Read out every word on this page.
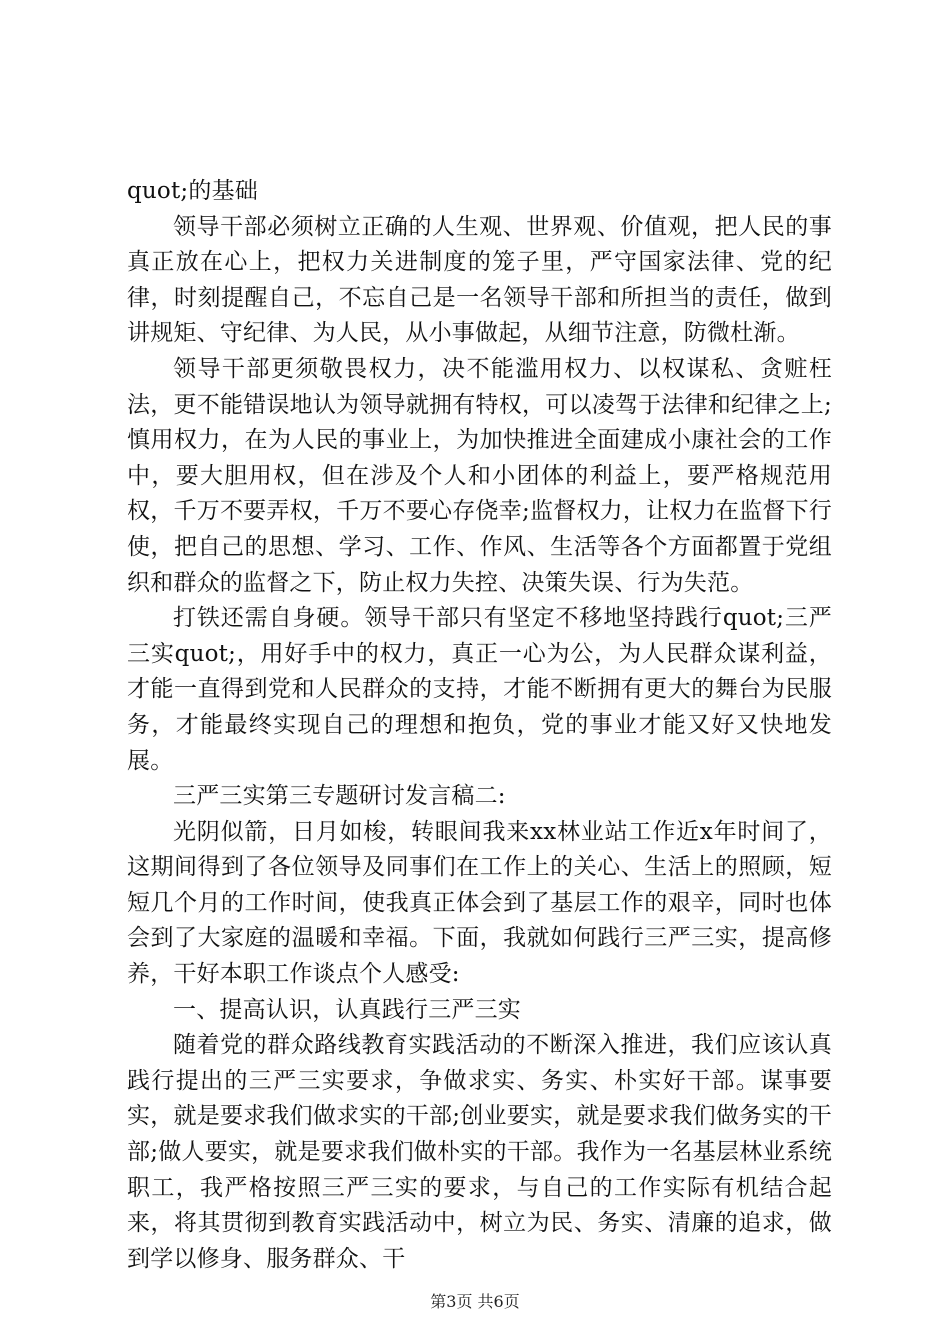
quot;的基础

领导干部必须树立正确的人生观、世界观、价值观，把人民的事真正放在心上，把权力关进制度的笼子里，严守国家法律、党的纪律，时刻提醒自己，不忘自己是一名领导干部和所担当的责任，做到讲规矩、守纪律、为人民，从小事做起，从细节注意，防微杜渐。

领导干部更须敬畏权力，决不能滥用权力、以权谋私、贪赃枉法，更不能错误地认为领导就拥有特权，可以凌驾于法律和纪律之上;慎用权力，在为人民的事业上，为加快推进全面建成小康社会的工作中，要大胆用权，但在涉及个人和小团体的利益上，要严格规范用权，千万不要弄权，千万不要心存侥幸;监督权力，让权力在监督下行使，把自己的思想、学习、工作、作风、生活等各个方面都置于党组织和群众的监督之下，防止权力失控、决策失误、行为失范。

打铁还需自身硬。领导干部只有坚定不移地坚持践行quot;三严三实quot;，用好手中的权力，真正一心为公，为人民群众谋利益，才能一直得到党和人民群众的支持，才能不断拥有更大的舞台为民服务，才能最终实现自己的理想和抱负，党的事业才能又好又快地发展。

三严三实第三专题研讨发言稿二:

光阴似箭，日月如梭，转眼间我来xx林业站工作近x年时间了，这期间得到了各位领导及同事们在工作上的关心、生活上的照顾，短短几个月的工作时间，使我真正体会到了基层工作的艰辛，同时也体会到了大家庭的温暖和幸福。下面，我就如何践行三严三实，提高修养，干好本职工作谈点个人感受:

一、提高认识，认真践行三严三实

随着党的群众路线教育实践活动的不断深入推进，我们应该认真践行提出的三严三实要求，争做求实、务实、朴实好干部。谋事要实，就是要求我们做求实的干部;创业要实，就是要求我们做务实的干部;做人要实，就是要求我们做朴实的干部。我作为一名基层林业系统职工，我严格按照三严三实的要求，与自己的工作实际有机结合起来，将其贯彻到教育实践活动中，树立为民、务实、清廉的追求，做到学以修身、服务群众、干

第3页 共6页
